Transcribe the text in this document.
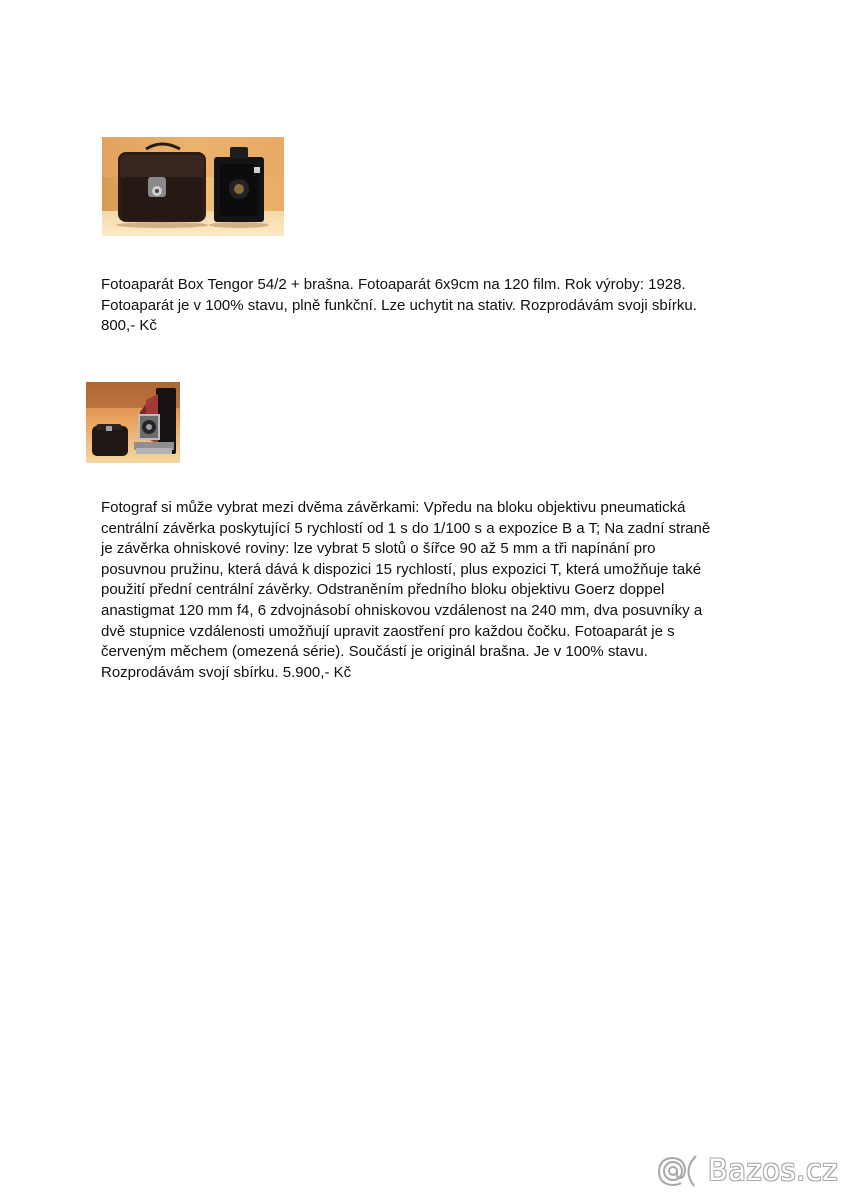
Fotoaparát Box Tengor 54/2 + brašna. Fotoaparát 6x9cm na 120 film. Rok výroby: 1928.
Fotoaparát je v 100% stavu, plně funkční. Lze uchytit na stativ. Rozprodávám svoji sbírku.
800,- Kč
Fotograf si může vybrat mezi dvěma závěrkami: Vpředu na bloku objektivu pneumatická
centrální závěrka poskytující 5 rychlostí od 1 s do 1/100 s a expozice B a T; Na zadní straně
je závěrka ohniskové roviny: lze vybrat 5 slotů o šířce 90 až 5 mm a tři napínání pro
posuvnou pružinu, která dává k dispozici 15 rychlostí, plus expozici T, která umožňuje také
použití přední centrální závěrky. Odstraněním předního bloku objektivu Goerz doppel
anastigmat 120 mm f4, 6 zdvojnásobí ohniskovou vzdálenost na 240 mm, dva posuvníky a
dvě stupnice vzdálenosti umožňují upravit zaostření pro každou čočku. Fotoaparát je s
červeným měchem (omezená série). Součástí je originál brašna. Je v 100% stavu.
Rozprodávám svojí sbírku. 5.900,- Kč
Bazos.cz
